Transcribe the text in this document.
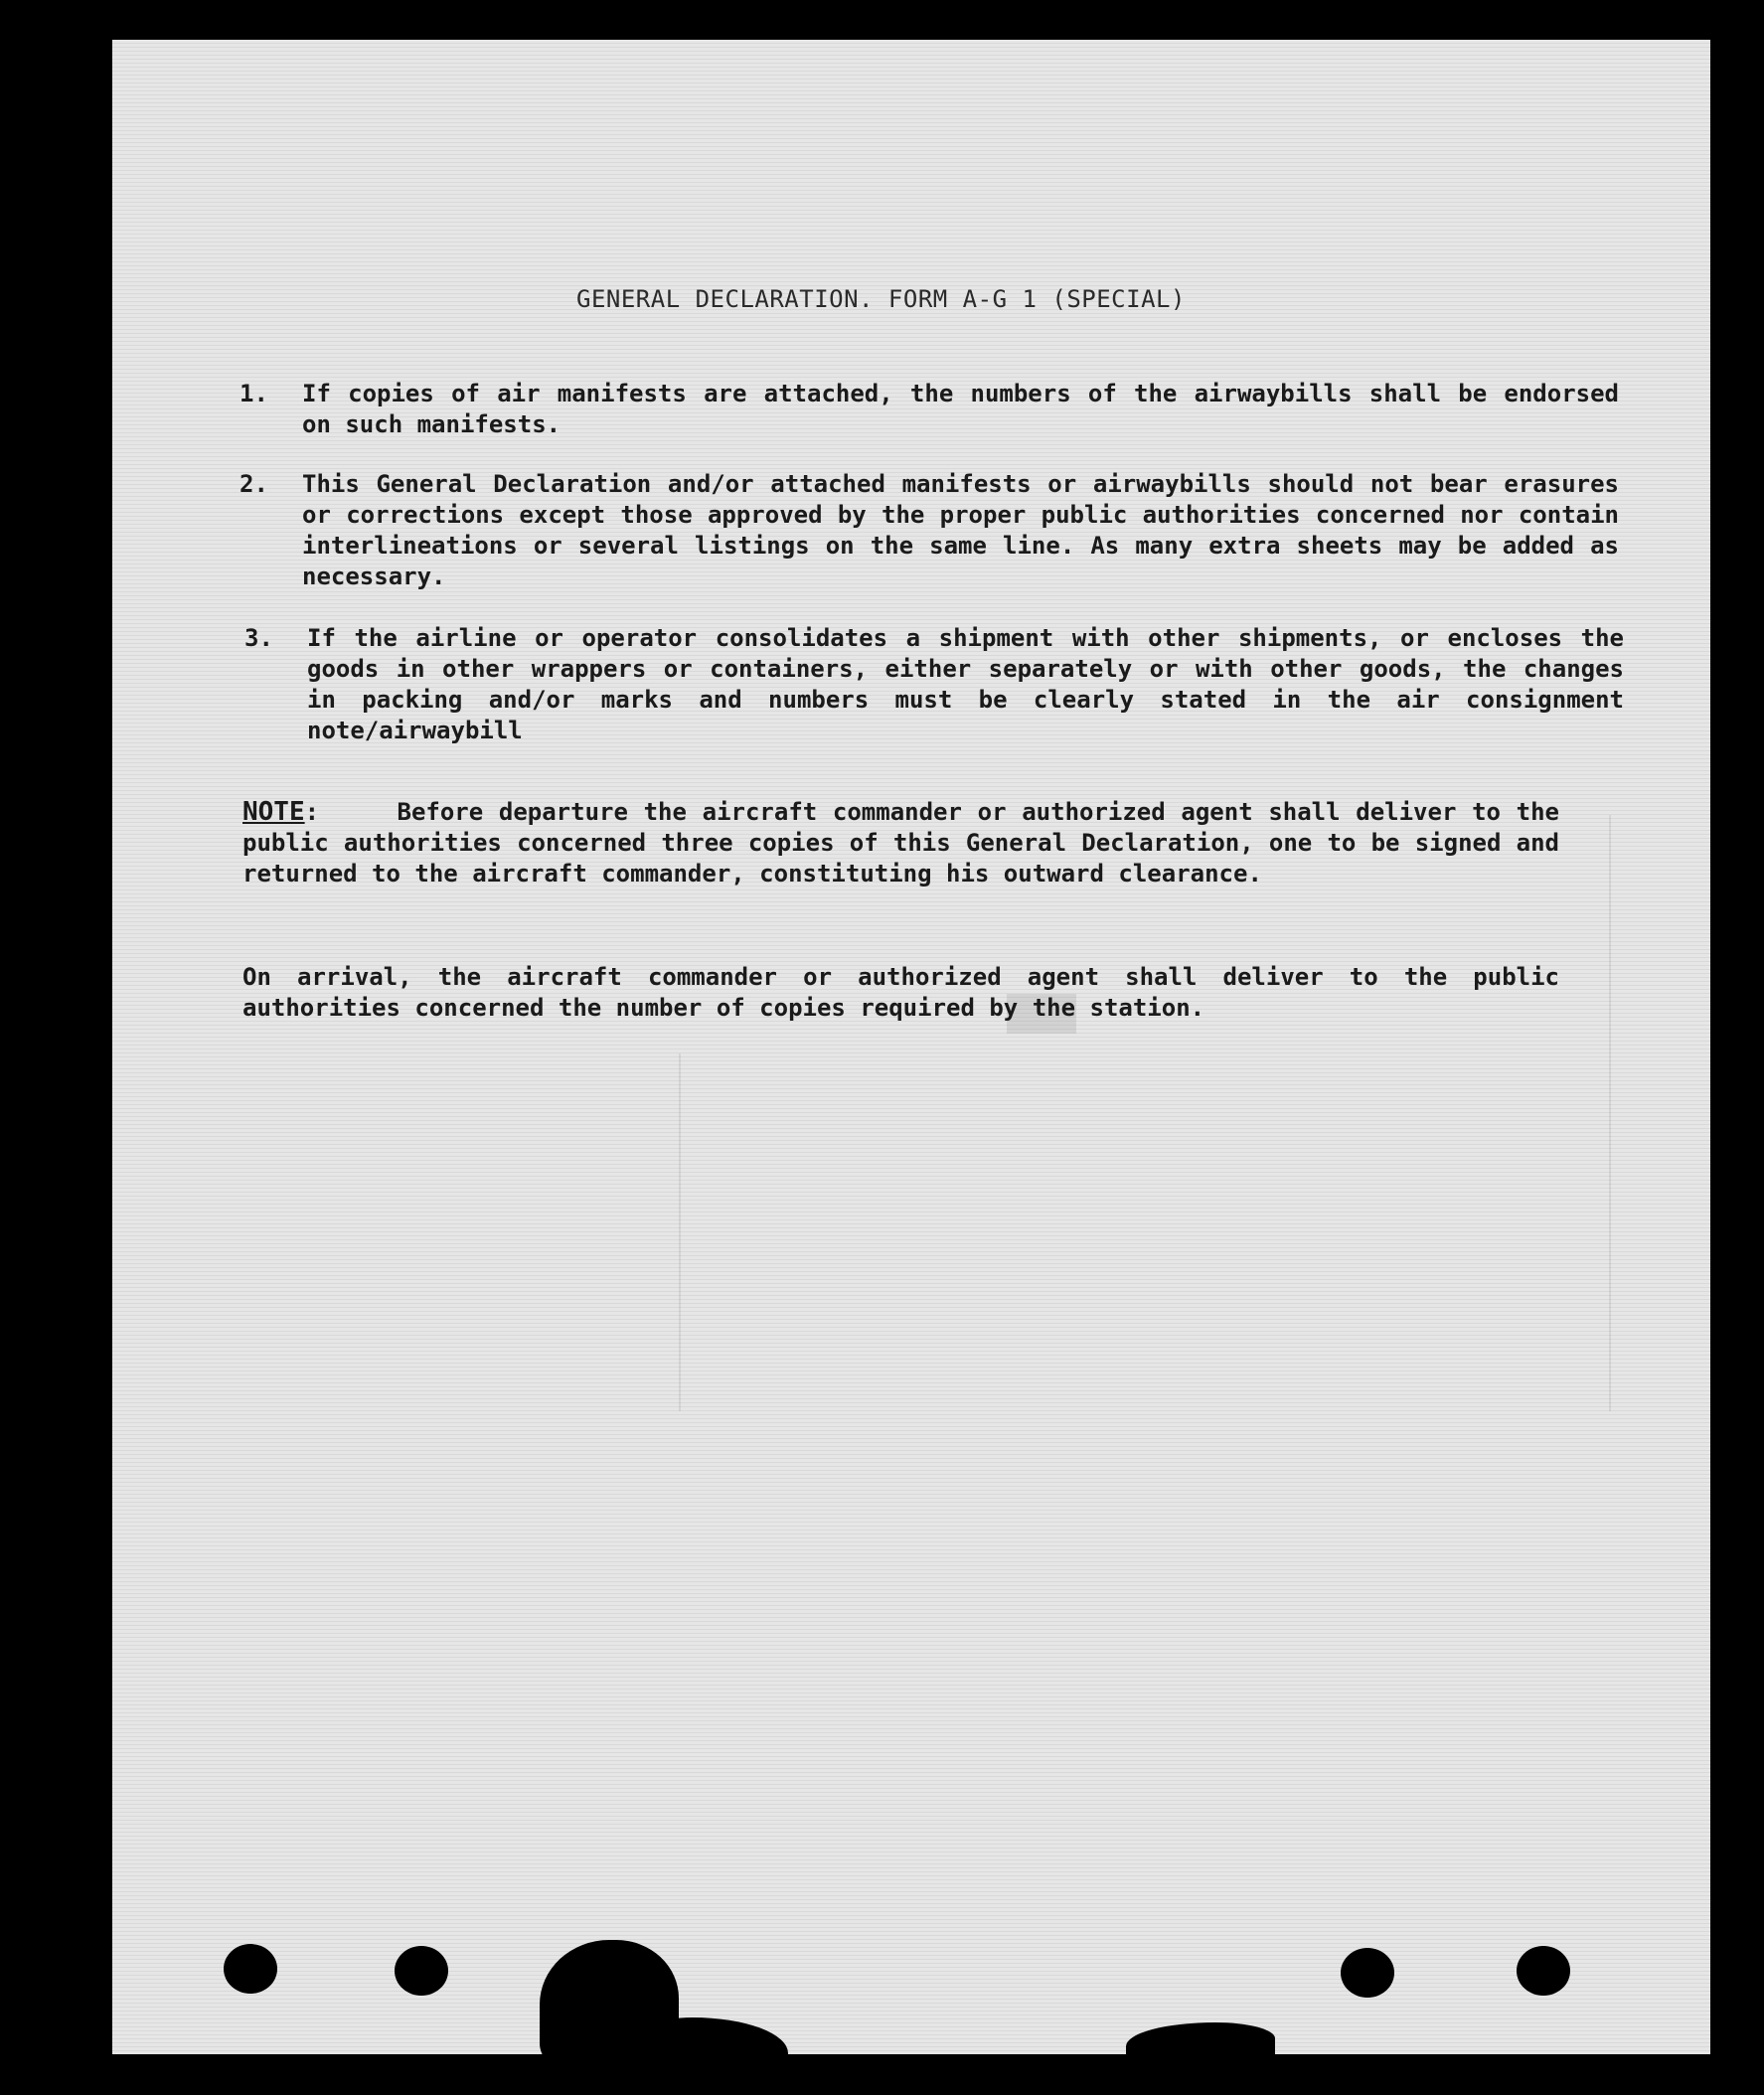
GENERAL DECLARATION. FORM A-G 1 (SPECIAL)
1. If copies of air manifests are attached, the numbers of the airwaybills shall be endorsed on such manifests.
2. This General Declaration and/or attached manifests or airwaybills should not bear erasures or corrections except those approved by the proper public authorities concerned nor contain interlineations or several listings on the same line. As many extra sheets may be added as necessary.
3. If the airline or operator consolidates a shipment with other shipments, or encloses the goods in other wrappers or containers, either separately or with other goods, the changes in packing and/or marks and numbers must be clearly stated in the air consignment note/airwaybill
NOTE:	Before departure the aircraft commander or authorized agent shall deliver to the public authorities concerned three copies of this General Declaration, one to be signed and returned to the aircraft commander, constituting his outward clearance.
On arrival, the aircraft commander or authorized agent shall deliver to the public authorities concerned the number of copies required by the station.
